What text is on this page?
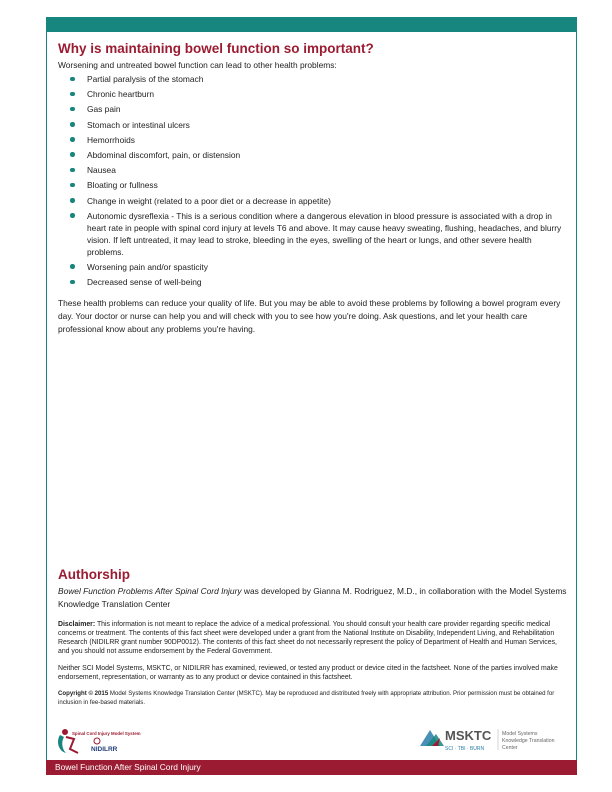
Why is maintaining bowel function so important?
Worsening and untreated bowel function can lead to other health problems:
Partial paralysis of the stomach
Chronic heartburn
Gas pain
Stomach or intestinal ulcers
Hemorrhoids
Abdominal discomfort, pain, or distension
Nausea
Bloating or fullness
Change in weight (related to a poor diet or a decrease in appetite)
Autonomic dysreflexia - This is a serious condition where a dangerous elevation in blood pressure is associated with a drop in heart rate in people with spinal cord injury at levels T6 and above. It may cause heavy sweating, flushing, headaches, and blurry vision. If left untreated, it may lead to stroke, bleeding in the eyes, swelling of the heart or lungs, and other severe health problems.
Worsening pain and/or spasticity
Decreased sense of well-being
These health problems can reduce your quality of life. But you may be able to avoid these problems by following a bowel program every day. Your doctor or nurse can help you and will check with you to see how you're doing. Ask questions, and let your health care professional know about any problems you're having.
Authorship
Bowel Function Problems After Spinal Cord Injury was developed by Gianna M. Rodriguez, M.D., in collaboration with the Model Systems Knowledge Translation Center
Disclaimer: This information is not meant to replace the advice of a medical professional. You should consult your health care provider regarding specific medical concerns or treatment. The contents of this fact sheet were developed under a grant from the National Institute on Disability, Independent Living, and Rehabilitation Research (NIDILRR grant number 90DP0012). The contents of this fact sheet do not necessarily represent the policy of Department of Health and Human Services, and you should not assume endorsement by the Federal Government.
Neither SCI Model Systems, MSKTC, or NIDILRR has examined, reviewed, or tested any product or device cited in the factsheet. None of the parties involved make endorsement, representation, or warranty as to any product or device contained in this factsheet.
Copyright © 2015 Model Systems Knowledge Translation Center (MSKTC). May be reproduced and distributed freely with appropriate attribution. Prior permission must be obtained for inclusion in fee-based materials.
Spinal Cord Injury Model System
NIDILRR
MSKTC
SCI · TBI · BURN
Model Systems
Knowledge Translation
Center
Bowel Function After Spinal Cord Injury
